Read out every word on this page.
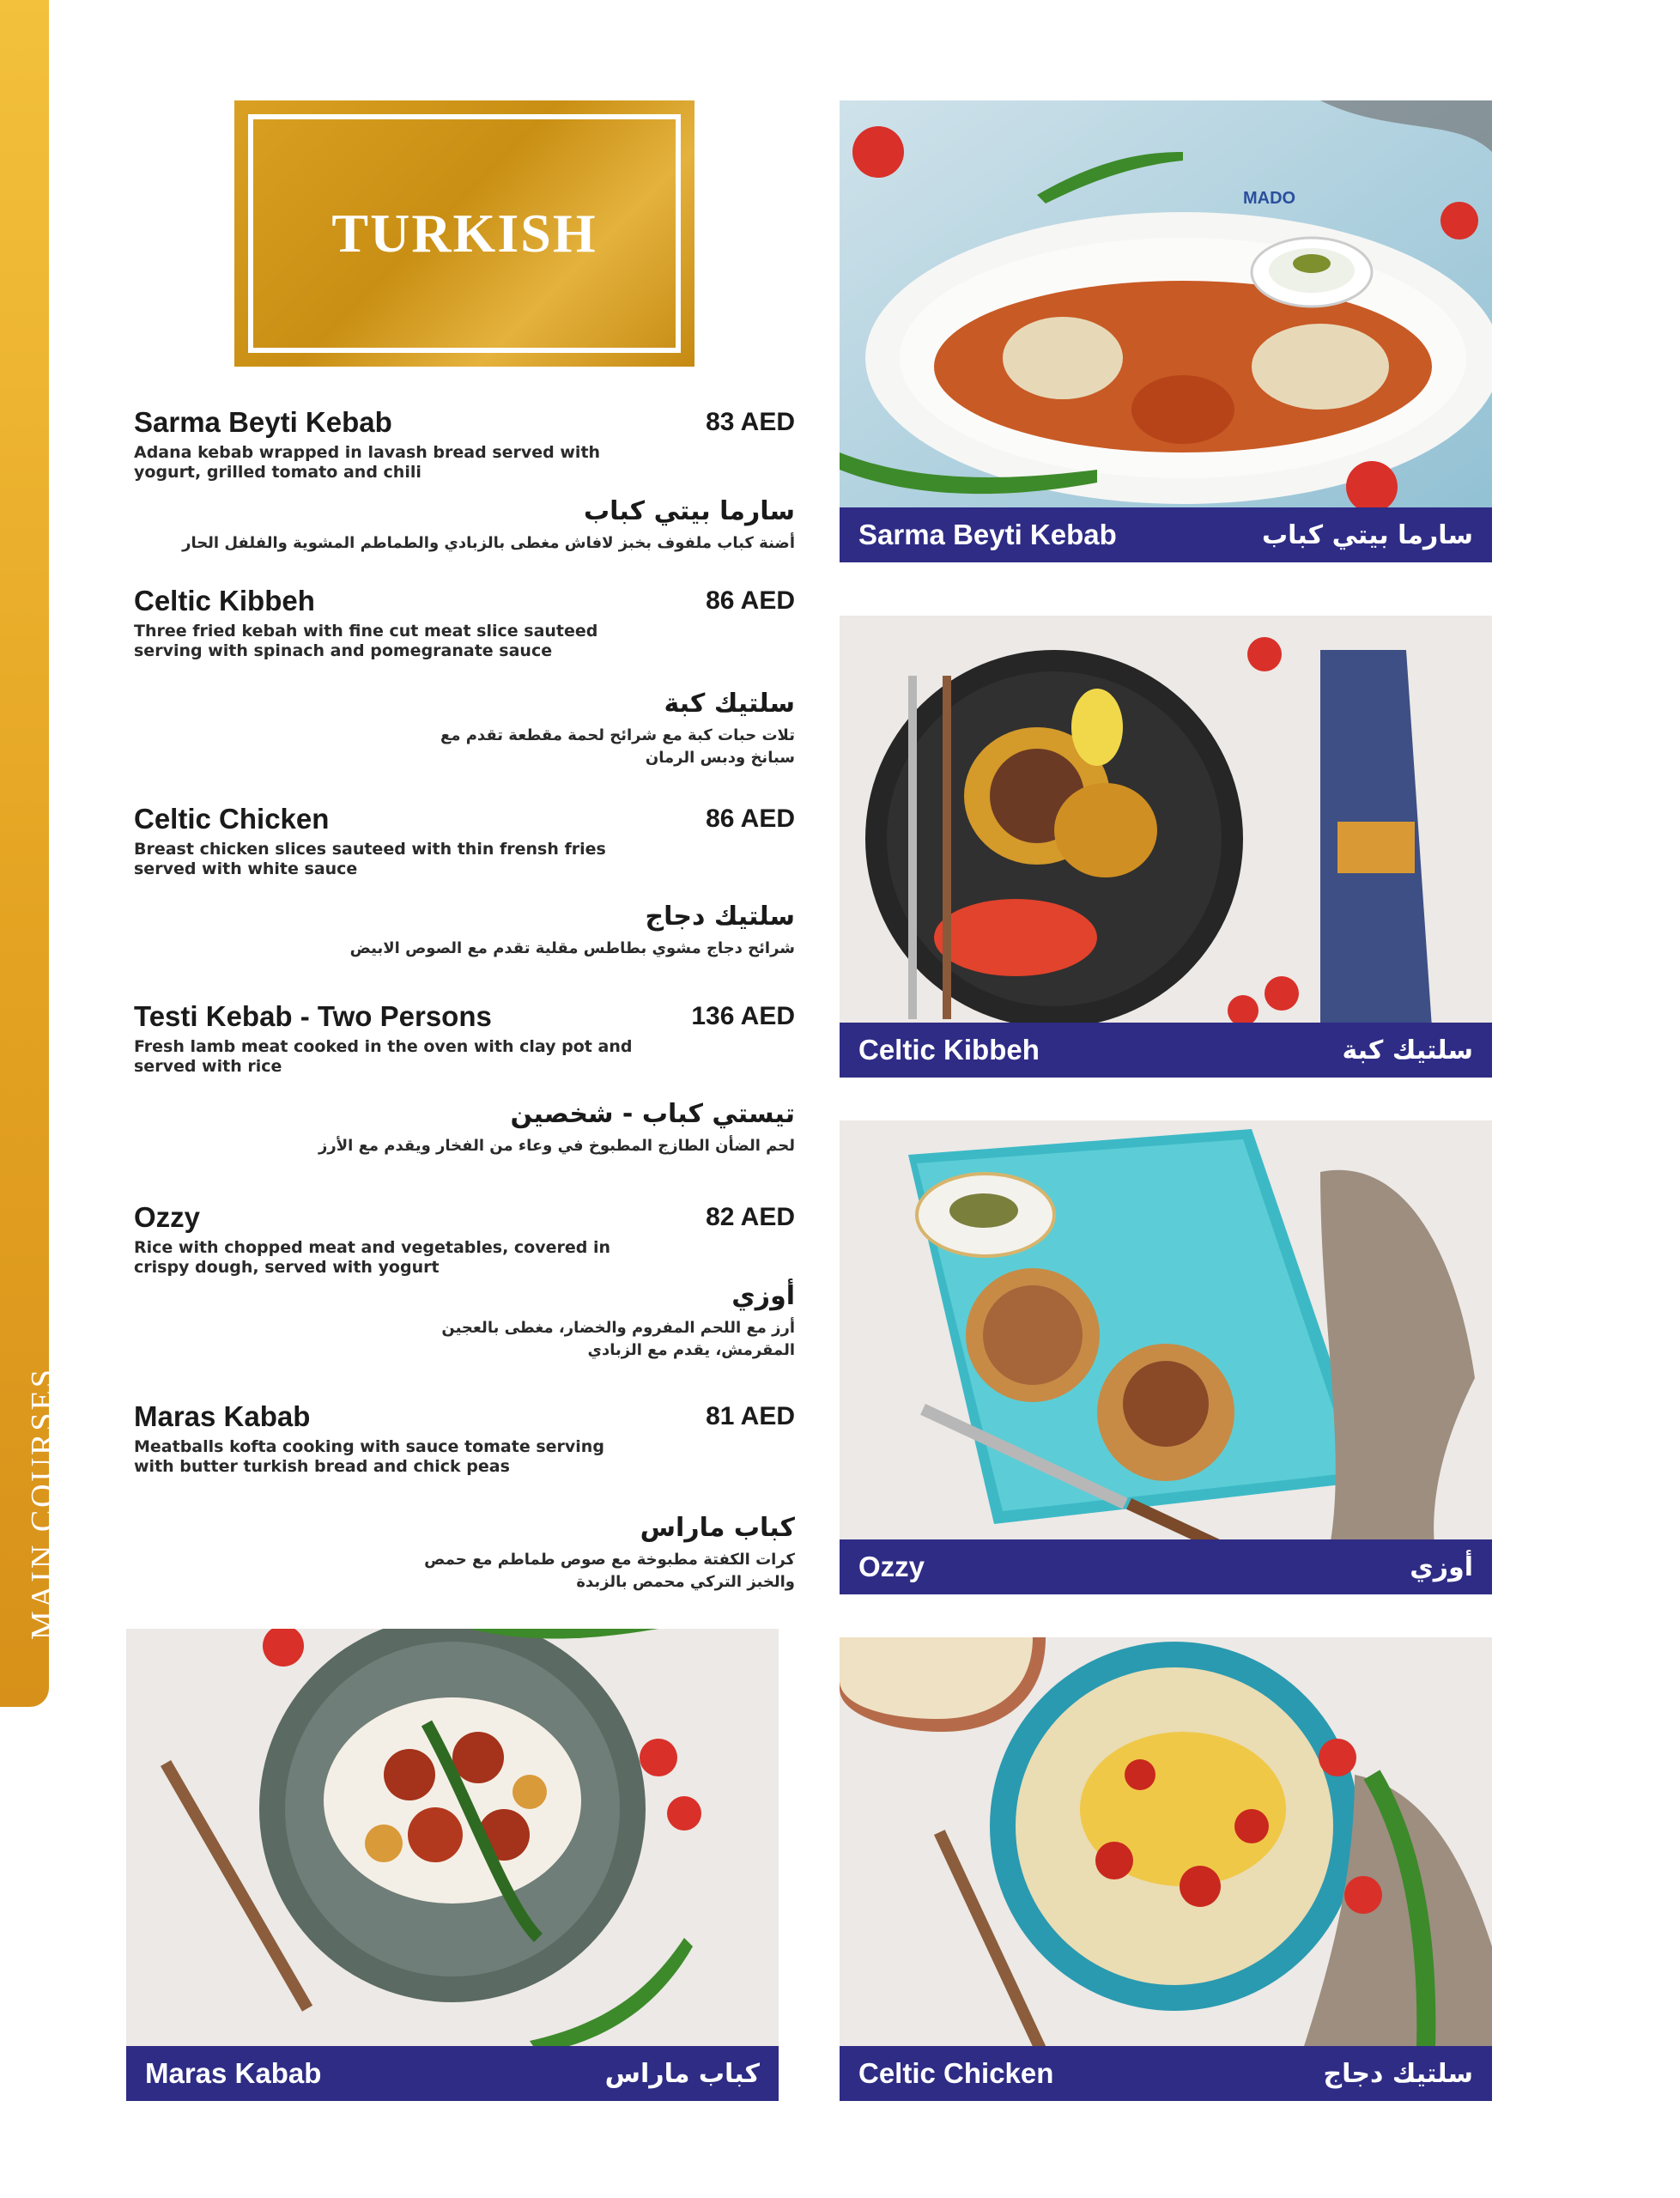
MAIN COURSES
TURKISH
Sarma Beyti Kebab	83 AED
Adana kebab wrapped in lavash bread served with yogurt, grilled tomato and chili
سارما بيتي كباب
أضنة كباب ملفوف بخبز لافاش مغطى بالزبادي والطماطم المشوية والفلفل الحار
Celtic Kibbeh	86 AED
Three fried kebah with fine cut meat slice sauteed serving with spinach and pomegranate sauce
سلتيك كبة
تلات حبات كبة مع شرائح لحمة مقطعة تقدم مع سبانخ ودبس الرمان
Celtic Chicken	86 AED
Breast chicken slices sauteed with thin frensh fries served with white sauce
سلتيك دجاج
شرائح دجاج مشوي بطاطس مقلية تقدم مع الصوص الابيض
Testi Kebab - Two Persons	136 AED
Fresh lamb meat cooked in the oven with clay pot and served with rice
تيستي كباب - شخصين
لحم الضأن الطازج المطبوخ في وعاء من الفخار ويقدم مع الأرز
Ozzy	82 AED
Rice with chopped meat and vegetables, covered in crispy dough, served with yogurt
أوزي
أرز مع اللحم المفروم والخضار، مغطى بالعجين المقرمش، يقدم مع الزبادي
Maras Kabab	81 AED
Meatballs kofta cooking with sauce tomate serving with butter turkish bread and chick peas
كباب ماراس
كرات الكفتة مطبوخة مع صوص طماطم مع حمص والخبز التركي محمص بالزبدة
MADO
Sarma Beyti Kebab	سارما بيتي كباب
Celtic Kibbeh	سلتيك كبة
Ozzy	أوزي
Maras Kabab	كباب ماراس	Celtic Chicken	سلتيك دجاج
